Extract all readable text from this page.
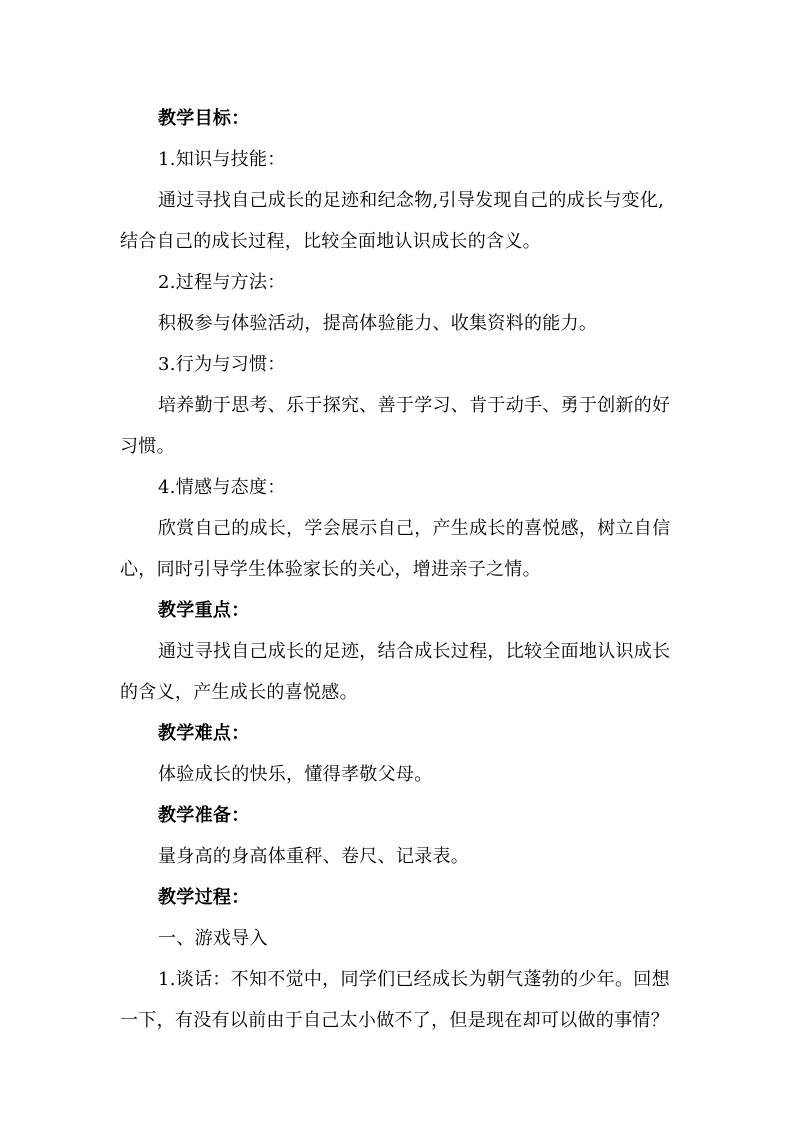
教学目标：
1.知识与技能：
通过寻找自己成长的足迹和纪念物,引导发现自己的成长与变化,
结合自己的成长过程，比较全面地认识成长的含义。
2.过程与方法：
积极参与体验活动，提高体验能力、收集资料的能力。
3.行为与习惯：
培养勤于思考、乐于探究、善于学习、肯于动手、勇于创新的好
习惯。
4.情感与态度：
欣赏自己的成长，学会展示自己，产生成长的喜悦感，树立自信
心，同时引导学生体验家长的关心，增进亲子之情。
教学重点：
通过寻找自己成长的足迹，结合成长过程，比较全面地认识成长
的含义，产生成长的喜悦感。
教学难点：
体验成长的快乐，懂得孝敬父母。
教学准备：
量身高的身高体重秤、卷尺、记录表。
教学过程：
一、游戏导入
1.谈话：不知不觉中，同学们已经成长为朝气蓬勃的少年。回想
一下，有没有以前由于自己太小做不了，但是现在却可以做的事情？
